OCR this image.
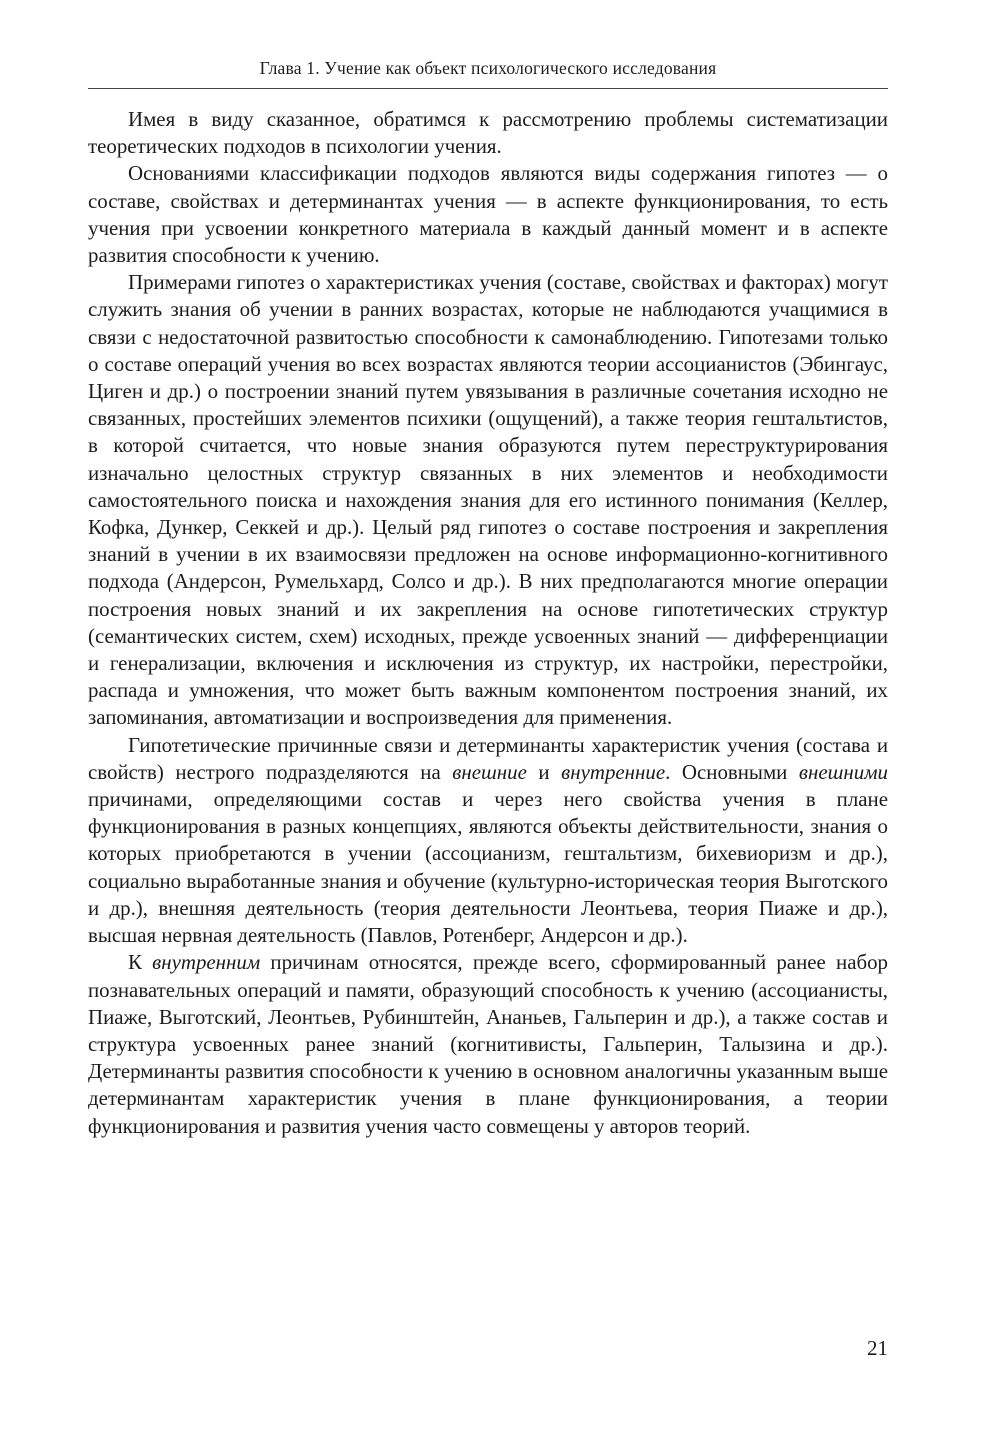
Глава 1. Учение как объект психологического исследования

Имея в виду сказанное, обратимся к рассмотрению проблемы систематизации теоретических подходов в психологии учения.

Основаниями классификации подходов являются виды содержания гипотез — о составе, свойствах и детерминантах учения — в аспекте функционирования, то есть учения при усвоении конкретного материала в каждый данный момент и в аспекте развития способности к учению.

Примерами гипотез о характеристиках учения (составе, свойствах и факторах) могут служить знания об учении в ранних возрастах, которые не наблюдаются учащимися в связи с недостаточной развитостью способности к самонаблюдению. Гипотезами только о составе операций учения во всех возрастах являются теории ассоцианистов (Эбингаус, Циген и др.) о построении знаний путем увязывания в различные сочетания исходно не связанных, простейших элементов психики (ощущений), а также теория гештальтистов, в которой считается, что новые знания образуются путем переструктурирования изначально целостных структур связанных в них элементов и необходимости самостоятельного поиска и нахождения знания для его истинного понимания (Келлер, Кофка, Дункер, Секкей и др.). Целый ряд гипотез о составе построения и закрепления знаний в учении в их взаимосвязи предложен на основе информационно-когнитивного подхода (Андерсон, Румельхард, Солсо и др.). В них предполагаются многие операции построения новых знаний и их закрепления на основе гипотетических структур (семантических систем, схем) исходных, прежде усвоенных знаний — дифференциации и генерализации, включения и исключения из структур, их настройки, перестройки, распада и умножения, что может быть важным компонентом построения знаний, их запоминания, автоматизации и воспроизведения для применения.

Гипотетические причинные связи и детерминанты характеристик учения (состава и свойств) нестрого подразделяются на внешние и внутренние. Основными внешними причинами, определяющими состав и через него свойства учения в плане функционирования в разных концепциях, являются объекты действительности, знания о которых приобретаются в учении (ассоцианизм, гештальтизм, бихевиоризм и др.), социально выработанные знания и обучение (культурно-историческая теория Выготского и др.), внешняя деятельность (теория деятельности Леонтьева, теория Пиаже и др.), высшая нервная деятельность (Павлов, Ротенберг, Андерсон и др.).

К внутренним причинам относятся, прежде всего, сформированный ранее набор познавательных операций и памяти, образующий способность к учению (ассоцианисты, Пиаже, Выготский, Леонтьев, Рубинштейн, Ананьев, Гальперин и др.), а также состав и структура усвоенных ранее знаний (когнитивисты, Гальперин, Талызина и др.). Детерминанты развития способности к учению в основном аналогичны указанным выше детерминантам характеристик учения в плане функционирования, а теории функционирования и развития учения часто совмещены у авторов теорий.

21
